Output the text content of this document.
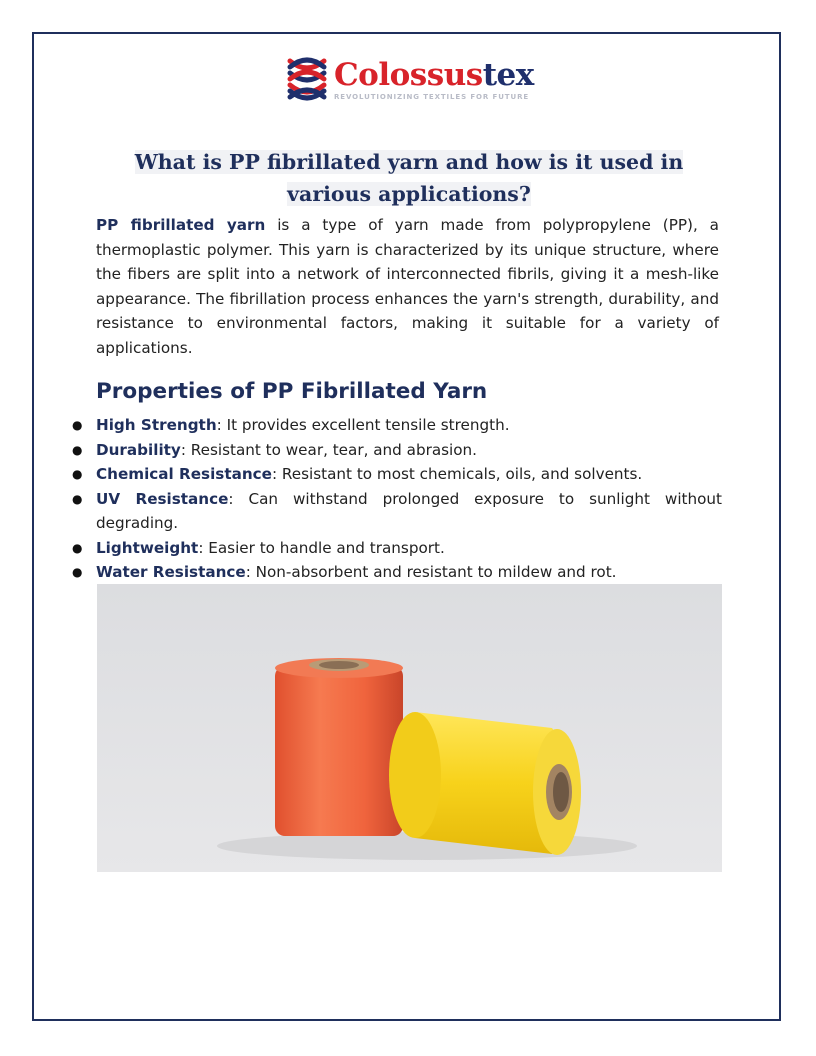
Colossustex
REVOLUTIONIZING TEXTILES FOR FUTURE
What is PP fibrillated yarn and how is it used in various applications?

PP fibrillated yarn is a type of yarn made from polypropylene (PP), a thermoplastic polymer. This yarn is characterized by its unique structure, where the fibers are split into a network of interconnected fibrils, giving it a mesh-like appearance. The fibrillation process enhances the yarn's strength, durability, and resistance to environmental factors, making it suitable for a variety of applications.

Properties of PP Fibrillated Yarn
● High Strength: It provides excellent tensile strength.
● Durability: Resistant to wear, tear, and abrasion.
● Chemical Resistance: Resistant to most chemicals, oils, and solvents.
● UV Resistance: Can withstand prolonged exposure to sunlight without degrading.
● Lightweight: Easier to handle and transport.
● Water Resistance: Non-absorbent and resistant to mildew and rot.
